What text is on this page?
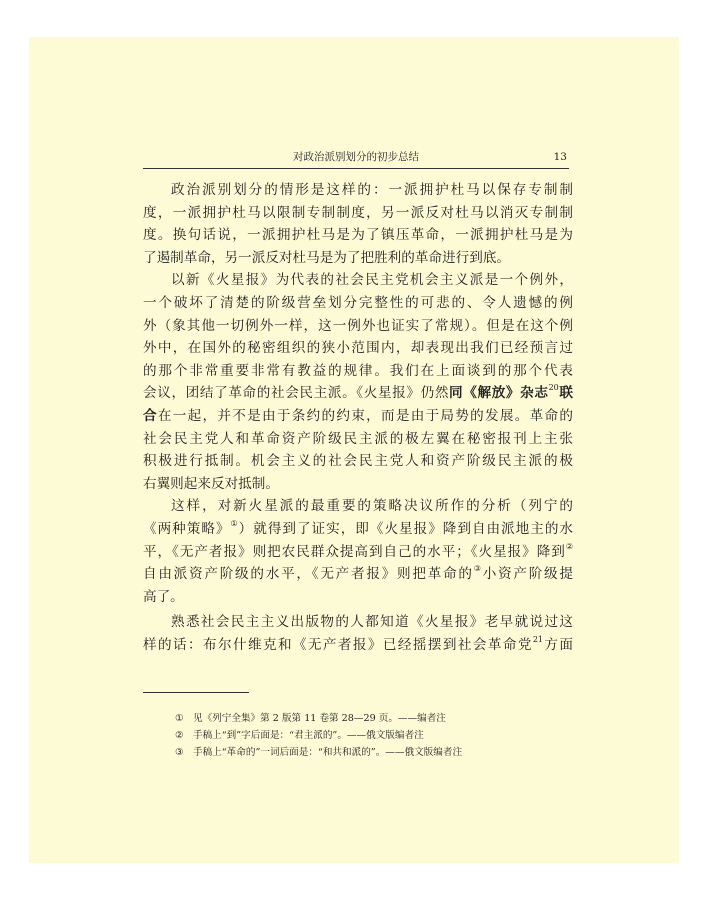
对政治派别划分的初步总结	13
政治派别划分的情形是这样的：一派拥护杜马以保存专制制
度，一派拥护杜马以限制专制制度，另一派反对杜马以消灭专制制
度。换句话说，一派拥护杜马是为了镇压革命，一派拥护杜马是为
了遏制革命，另一派反对杜马是为了把胜利的革命进行到底。
以新《火星报》为代表的社会民主党机会主义派是一个例外，
一个破坏了清楚的阶级营垒划分完整性的可悲的、令人遗憾的例
外（象其他一切例外一样，这一例外也证实了常规）。但是在这个例
外中，在国外的秘密组织的狭小范围内，却表现出我们已经预言过
的那个非常重要非常有教益的规律。我们在上面谈到的那个代表
会议，团结了革命的社会民主派。《火星报》仍然同《解放》杂志$^{20}$联
合在一起，并不是由于条约的约束，而是由于局势的发展。革命的
社会民主党人和革命资产阶级民主派的极左翼在秘密报刊上主张
积极进行抵制。机会主义的社会民主党人和资产阶级民主派的极
右翼则起来反对抵制。
这样，对新火星派的最重要的策略决议所作的分析（列宁的
《两种策略》①）就得到了证实，即《火星报》降到自由派地主的水
平，《无产者报》则把农民群众提高到自己的水平；《火星报》降到②
自由派资产阶级的水平，《无产者报》则把革命的③小资产阶级提
高了。
熟悉社会民主主义出版物的人都知道《火星报》老早就说过这
样的话：布尔什维克和《无产者报》已经摇摆到社会革命党$^{21}$方面
① 见《列宁全集》第 2 版第 11 卷第 28—29 页。——编者注
② 手稿上“到”字后面是：“君主派的”。——俄文版编者注
③ 手稿上“革命的”一词后面是：“和共和派的”。——俄文版编者注
